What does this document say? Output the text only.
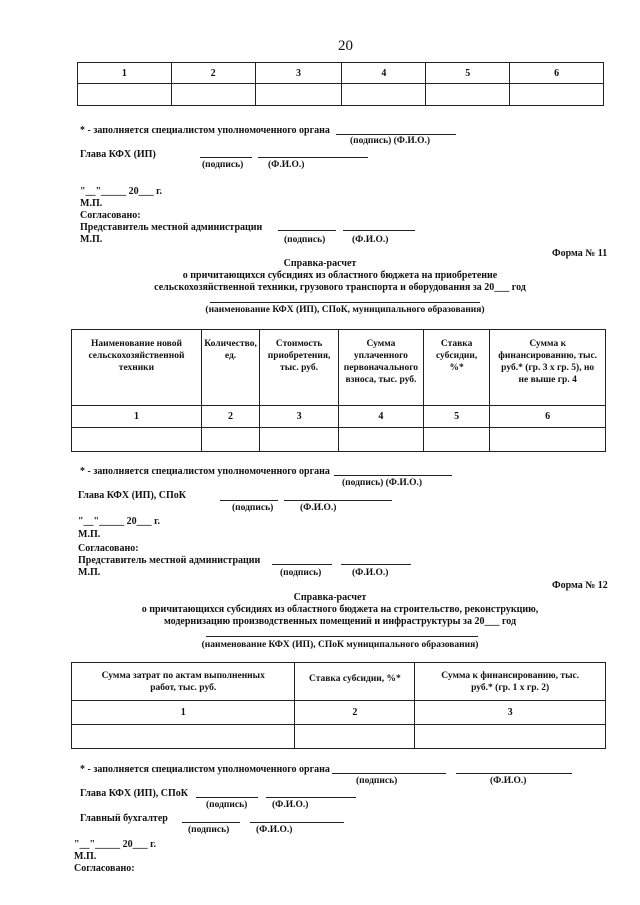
20
1	2	3	4	5	6

* - заполняется специалистом уполномоченного органа
(подпись) (Ф.И.О.)
Глава КФХ (ИП)
(подпись)	(Ф.И.О.)
"__"_____ 20___ г.
М.П.
Согласовано:
Представитель местной администрации
М.П.	(подпись)	(Ф.И.О.)
Форма № 11
Справка-расчет
о причитающихся субсидиях из областного бюджета на приобретение
сельскохозяйственной техники, грузового транспорта и оборудования за 20___ год
(наименование КФХ (ИП), СПоК, муниципального образования)
Наименование новой сельскохозяйственной техники	Количество, ед.	Стоимость приобретения, тыс. руб.	Сумма уплаченного первоначального взноса, тыс. руб.	Ставка субсидии, %*	Сумма к финансированию, тыс. руб.* (гр. 3 х гр. 5), но не выше гр. 4
1	2	3	4	5	6

* - заполняется специалистом уполномоченного органа
(подпись) (Ф.И.О.)
Глава КФХ (ИП), СПоК
(подпись)	(Ф.И.О.)
"__"_____ 20___ г.
М.П.
Согласовано:
Представитель местной администрации
М.П.	(подпись)	(Ф.И.О.)
Форма № 12
Справка-расчет
о причитающихся субсидиях из областного бюджета на строительство, реконструкцию,
модернизацию производственных помещений и инфраструктуры за 20___ год
(наименование КФХ (ИП), СПоК муниципального образования)
Сумма затрат по актам выполненных работ, тыс. руб.	Ставка субсидии, %*	Сумма к финансированию, тыс. руб.* (гр. 1 х гр. 2)
1	2	3

* - заполняется специалистом уполномоченного органа
(подпись)	(Ф.И.О.)
Глава КФХ (ИП), СПоК
(подпись)	(Ф.И.О.)
Главный бухгалтер
(подпись)	(Ф.И.О.)
"__"_____ 20___ г.
М.П.
Согласовано:
